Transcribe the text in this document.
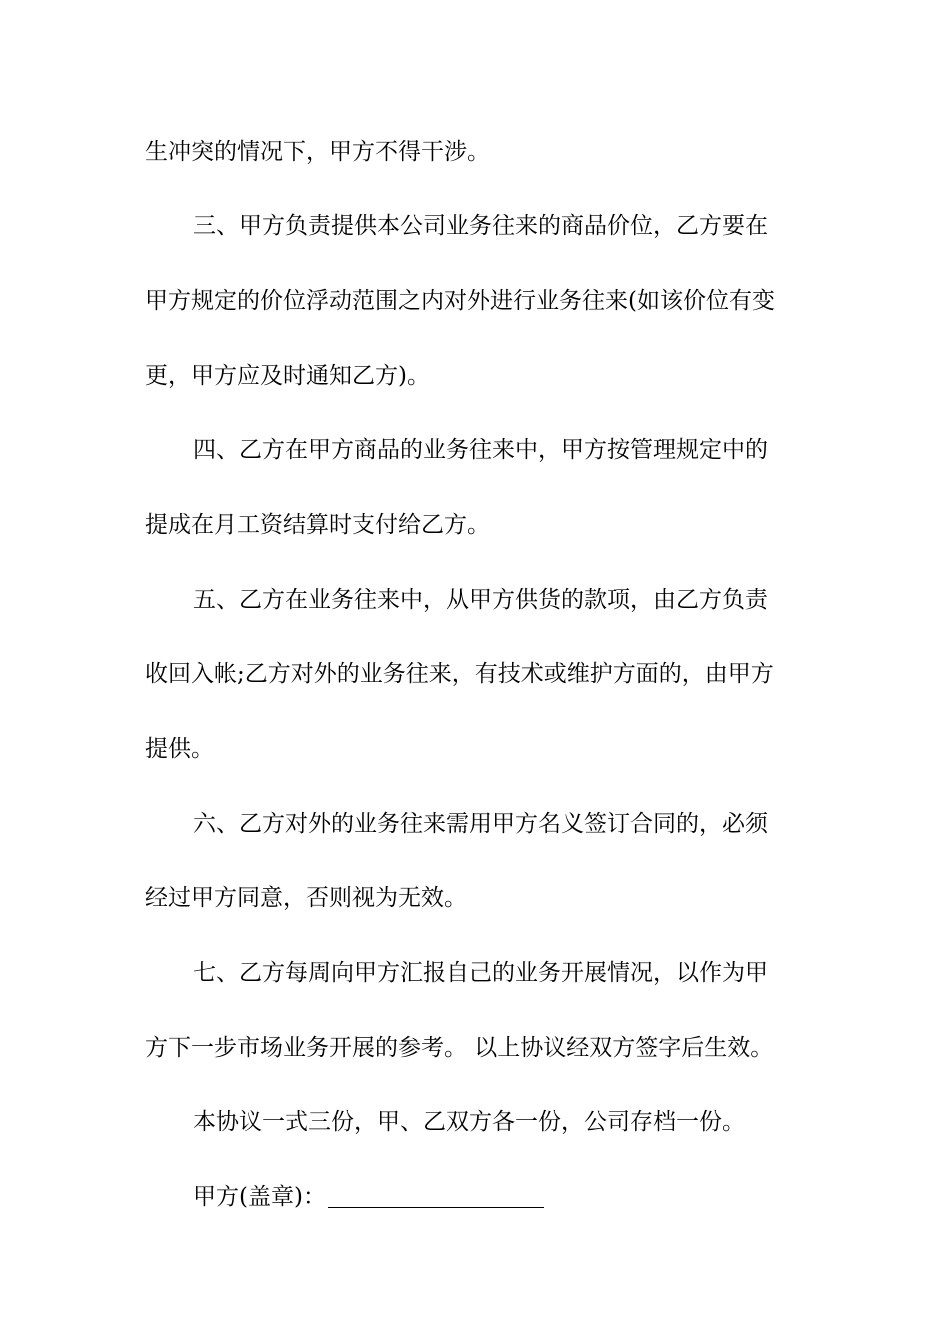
生冲突的情况下，甲方不得干涉。
三、甲方负责提供本公司业务往来的商品价位，乙方要在
甲方规定的价位浮动范围之内对外进行业务往来(如该价位有变
更，甲方应及时通知乙方)。
四、乙方在甲方商品的业务往来中，甲方按管理规定中的
提成在月工资结算时支付给乙方。
五、乙方在业务往来中，从甲方供货的款项，由乙方负责
收回入帐;乙方对外的业务往来，有技术或维护方面的，由甲方
提供。
六、乙方对外的业务往来需用甲方名义签订合同的，必须
经过甲方同意，否则视为无效。
七、乙方每周向甲方汇报自己的业务开展情况，以作为甲
方下一步市场业务开展的参考。 以上协议经双方签字后生效。
本协议一式三份，甲、乙双方各一份，公司存档一份。
甲方(盖章)：
